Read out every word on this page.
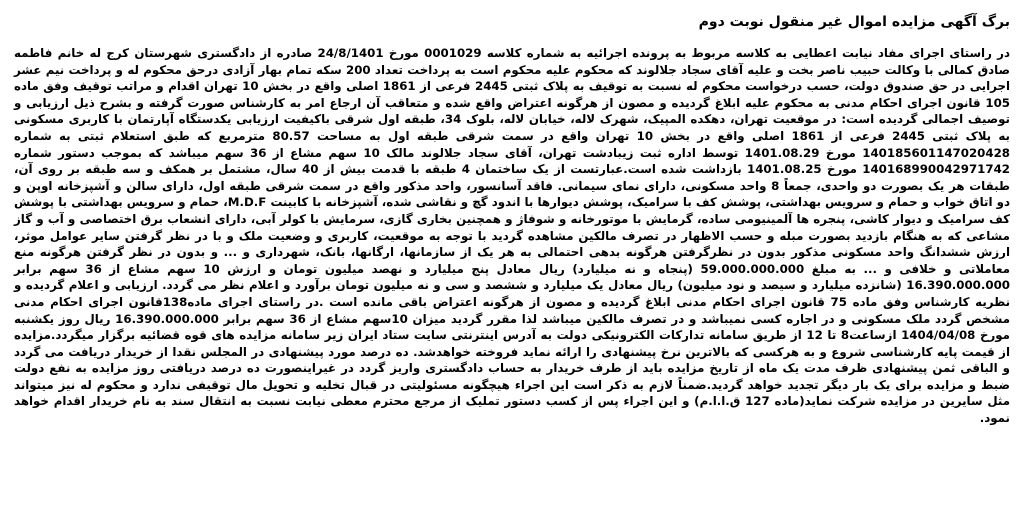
برگ آگهی مزایده اموال غیر منقول نوبت دوم

در راستای اجرای مفاد نیابت اعطایی به کلاسه مربوط به پرونده اجرائیه به شماره کلاسه 0001029 مورخ 24/8/1401 صادره از دادگستری شهرستان کرج له خانم فاطمه صادق کمالی با وکالت حبیب ناصر بخت و علیه آقای سجاد جلالوند که محکوم علیه محکوم است به پرداخت تعداد 200 سکه تمام بهار آزادی درحق محکوم له و پرداخت نیم عشر اجرایی در حق صندوق دولت، حسب درخواست محکوم له نسبت به توقیف به پلاک ثبتی 2445 فرعی از 1861 اصلی واقع در بخش 10 تهران اقدام و مراتب توقیف وفق ماده 105 قانون اجرای احکام مدنی به محکوم علیه ابلاغ گردیده و مصون از هرگونه اعتراض واقع شده و متعاقب آن ارجاع امر به کارشناس صورت گرفته و بشرح ذیل ارزیابی و توصیف اجمالی گردیده است: در موقعیت تهران، دهکده المپیک، شهرک لاله، خیابان لاله، بلوک 34، طبقه اول شرقی باکیفیت ارزیابی یکدستگاه آپارتمان با کاربری مسکونی به پلاک ثبتی 2445 فرعی از 1861 اصلی واقع در بخش 10 تهران واقع در سمت شرقی طبقه اول به مساحت 80.57 مترمربع که طبق استعلام ثبتی به شماره 140185601147020428 مورخ 1401.08.29 توسط اداره ثبت زیبادشت تهران، آقای سجاد جلالوند مالک 10 سهم مشاع از 36 سهم میباشد که بموجب دستور شماره 140168990042971742 مورخ 1401.08.25 بازداشت شده است.عبارتست از یک ساختمان 4 طبقه با قدمت بیش از 40 سال، مشتمل بر همکف و سه طبقه بر روی آن، طبقات هر یک بصورت دو واحدی، جمعاً 8 واحد مسکونی، دارای نمای سیمانی. فاقد آسانسور، واحد مذکور واقع در سمت شرقی طبقه اول، دارای سالن و آشپزخانه اوپن و دو اتاق خواب و حمام و سرویس بهداشتی، پوشش کف با سرامیک، پوشش دیوارها با اندود گچ و نقاشی شده، آشپزخانه با کابینت M.D.F، حمام و سرویس بهداشتی با پوشش کف سرامیک و دیوار کاشی، پنجره ها آلمینیومی ساده، گرمایش با موتورخانه و شوفاژ و همچنین بخاری گازی، سرمایش با کولر آبی، دارای انشعاب برق اختصاصی و آب و گاز مشاعی که به هنگام بازدید بصورت مبله و حسب الاظهار در تصرف مالکین مشاهده گردید با توجه به موقعیت، کاربری و وضعیت ملک و با در نظر گرفتن سایر عوامل موثر، ارزش ششدانگ واحد مسکونی مذکور بدون در نظرگرفتن هرگونه بدهی احتمالی به هر یک از سازمانها، ارگانها، بانک، شهرداری و ... و بدون در نظر گرفتن هرگونه منع معاملاتی و خلافی و ... به مبلغ 59.000.000.000 (پنجاه و نه میلیارد) ریال معادل پنج میلیارد و نهصد میلیون تومان و ارزش 10 سهم مشاع از 36 سهم برابر 16.390.000.000 (شانزده میلیارد و سیصد و نود میلیون) ریال معادل یک میلیارد و ششصد و سی و نه میلیون تومان برآورد و اعلام نظر می گردد. ارزیابی و اعلام گردیده و نظریه کارشناس وفق ماده 75 قانون اجرای احکام مدنی ابلاغ گردیده و مصون از هرگونه اعتراض باقی مانده است .در راستای اجرای ماده138قانون اجرای احکام مدنی مشخص گردد ملک مسکونی و در اجاره کسی نمیباشد و در تصرف مالکین میباشد لذا مقرر گردید میزان 10سهم مشاع از 36 سهم برابر 16.390.000.000 ریال روز یکشنبه مورخ 1404/04/08 ازساعت8 تا 12 از طریق سامانه تدارکات الکترونیکی دولت به آدرس اینترنتی سایت ستاد ایران زیر سامانه مزایده های قوه قضائیه برگزار میگردد.مزایده از قیمت پایه کارشناسی شروع و به هرکسی که بالاترین نرخ پیشنهادی را ارائه نماید فروخته خواهدشد. ده درصد مورد پیشنهادی در المجلس نقدا از خریدار دریافت می گردد و الباقی ثمن پیشنهادی ظرف مدت یک ماه از تاریخ مزایده باید از طرف خریدار به حساب دادگستری واریز گردد در غیراینصورت ده درصد دریافتی روز مزایده به نفع دولت ضبط و مزایده برای یک بار دیگر تجدید خواهد گردید.ضمناً لازم به ذکر است این اجراء هیچگونه مسئولیتی در قبال تخلیه و تحویل مال توقیفی ندارد و محکوم له نیز میتواند مثل سایرین در مزایده شرکت نماید(ماده 127 ق.ا.ا.م) و این اجراء پس از کسب دستور تملیک از مرجع محترم معطی نیابت نسبت به انتقال سند به نام خریدار اقدام خواهد نمود.
